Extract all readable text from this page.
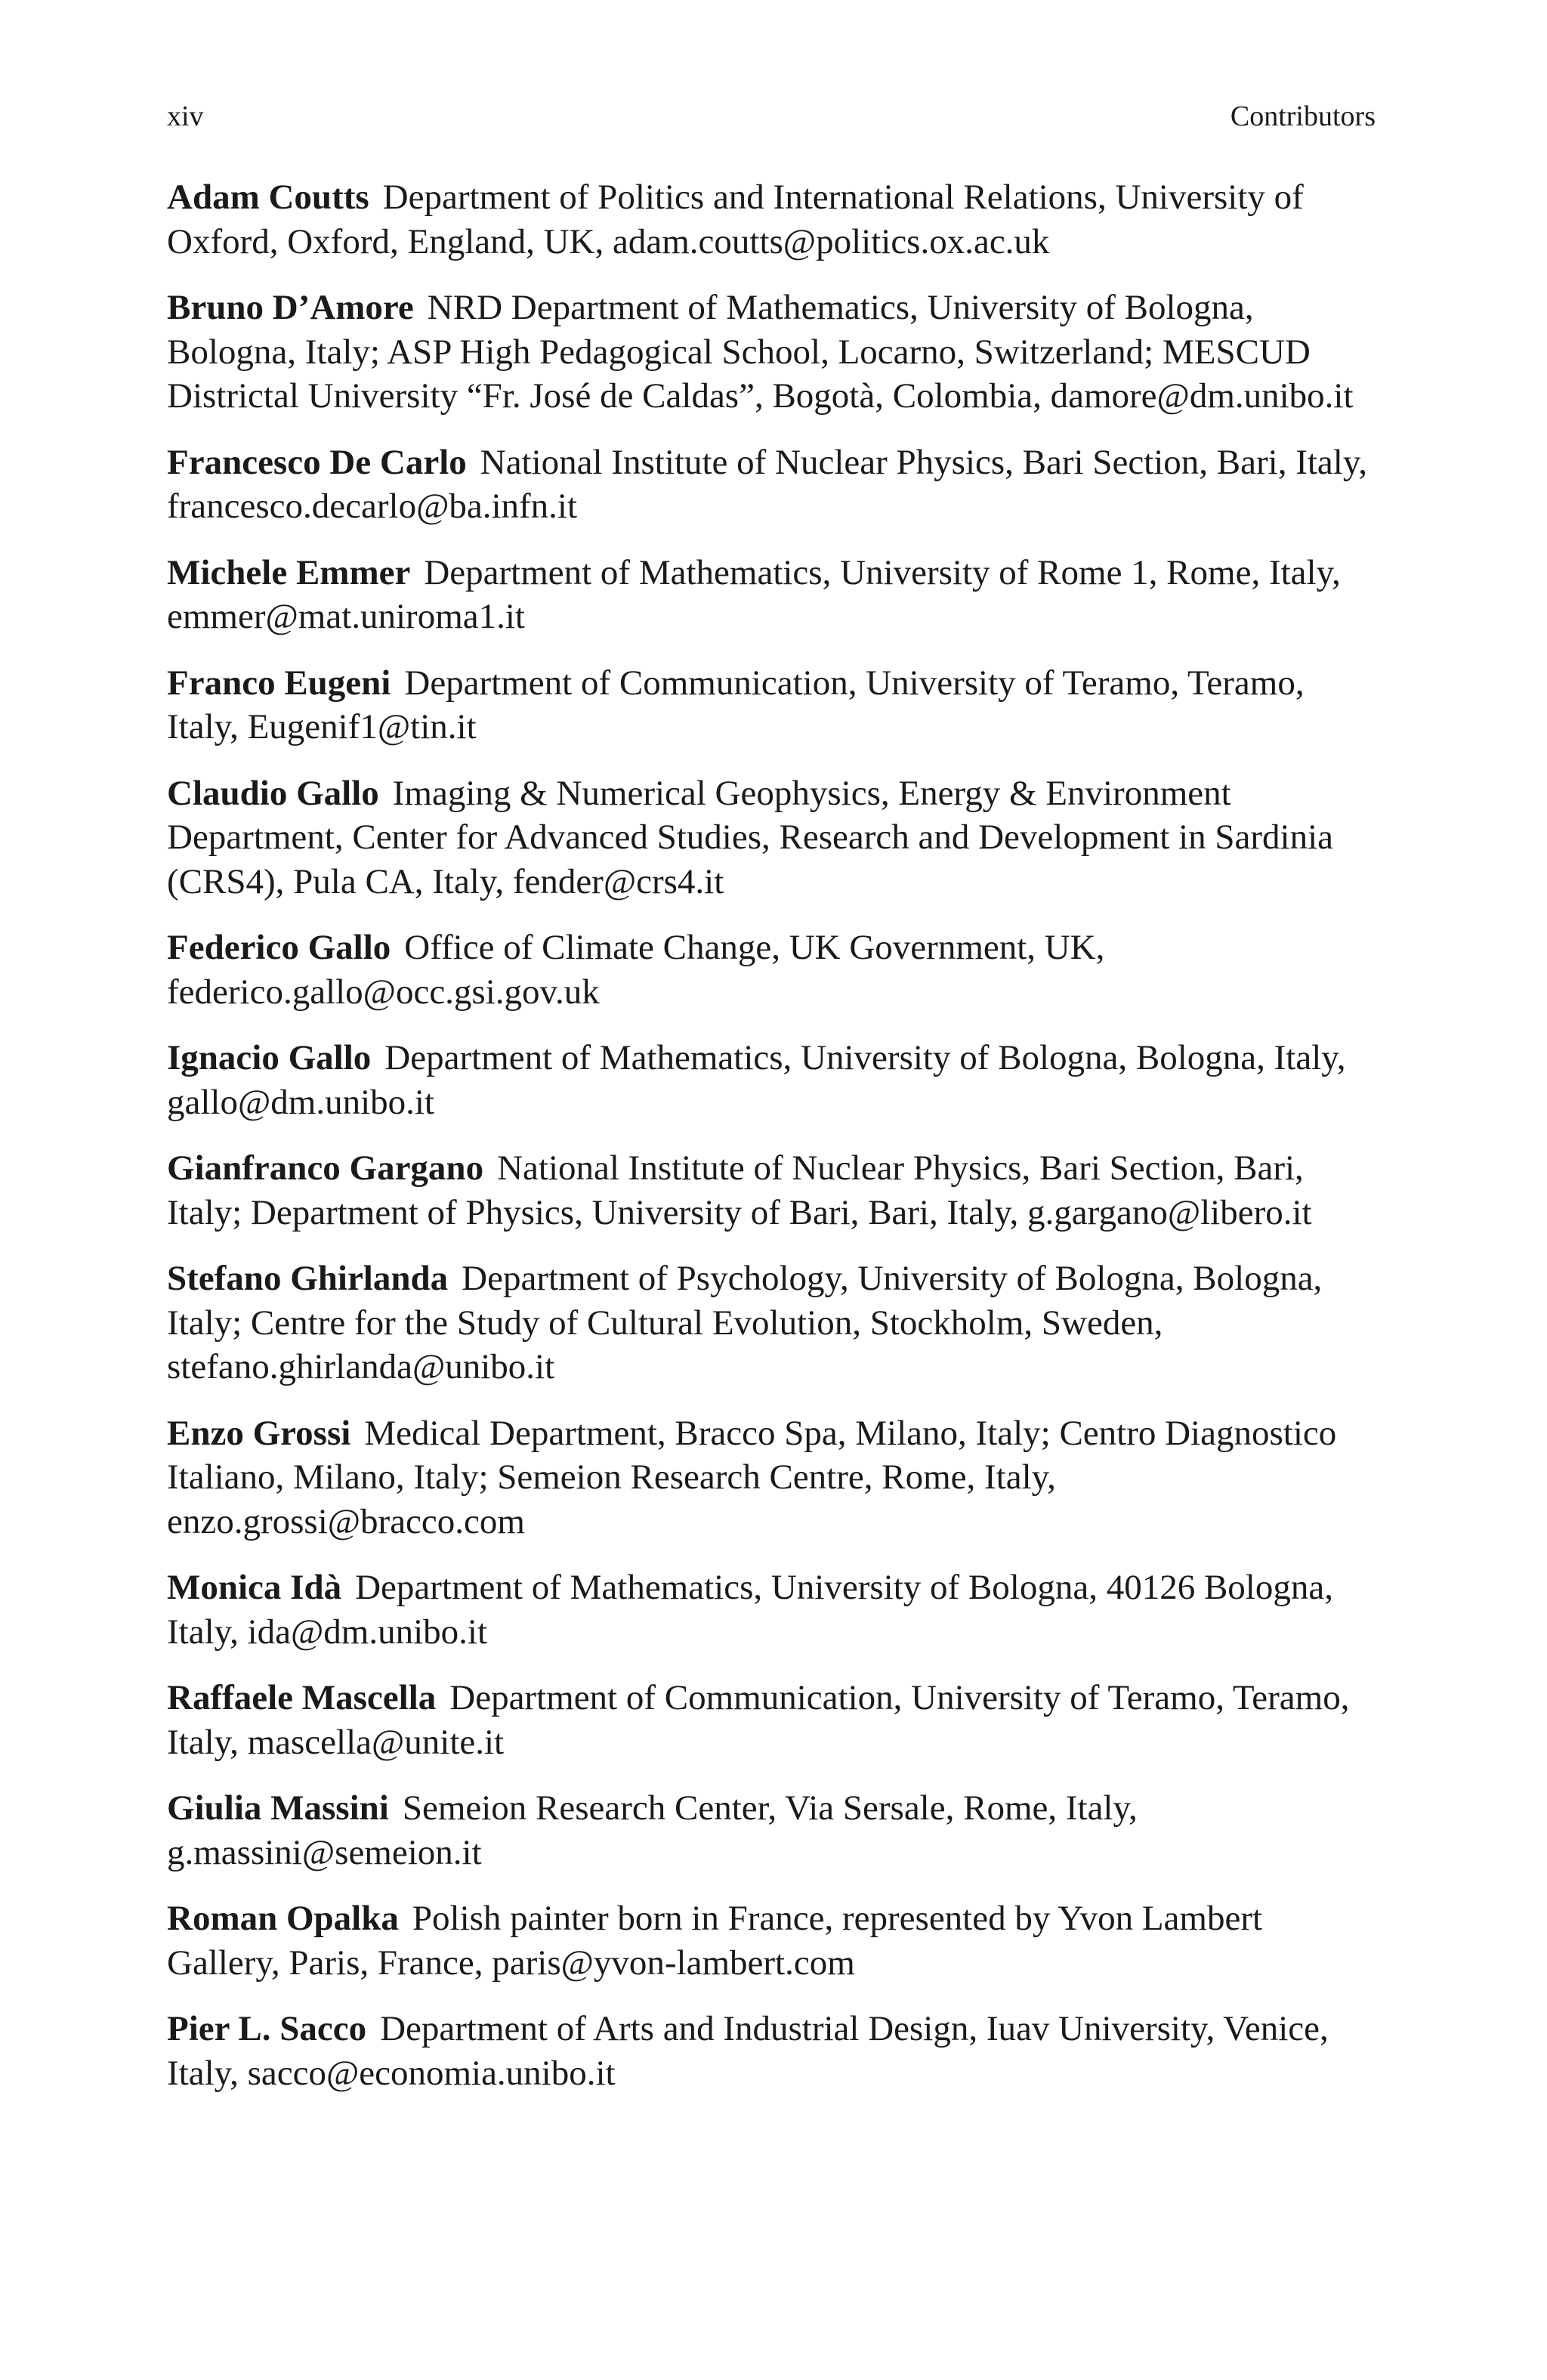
xiv	Contributors

Adam Coutts Department of Politics and International Relations, University of Oxford, Oxford, England, UK, adam.coutts@politics.ox.ac.uk

Bruno D’Amore NRD Department of Mathematics, University of Bologna, Bologna, Italy; ASP High Pedagogical School, Locarno, Switzerland; MESCUD Districtal University “Fr. José de Caldas”, Bogotà, Colombia, damore@dm.unibo.it

Francesco De Carlo National Institute of Nuclear Physics, Bari Section, Bari, Italy, francesco.decarlo@ba.infn.it

Michele Emmer Department of Mathematics, University of Rome 1, Rome, Italy, emmer@mat.uniroma1.it

Franco Eugeni Department of Communication, University of Teramo, Teramo, Italy, Eugenif1@tin.it

Claudio Gallo Imaging & Numerical Geophysics, Energy & Environment Department, Center for Advanced Studies, Research and Development in Sardinia (CRS4), Pula CA, Italy, fender@crs4.it

Federico Gallo Office of Climate Change, UK Government, UK, federico.gallo@occ.gsi.gov.uk

Ignacio Gallo Department of Mathematics, University of Bologna, Bologna, Italy, gallo@dm.unibo.it

Gianfranco Gargano National Institute of Nuclear Physics, Bari Section, Bari, Italy; Department of Physics, University of Bari, Bari, Italy, g.gargano@libero.it

Stefano Ghirlanda Department of Psychology, University of Bologna, Bologna, Italy; Centre for the Study of Cultural Evolution, Stockholm, Sweden, stefano.ghirlanda@unibo.it

Enzo Grossi Medical Department, Bracco Spa, Milano, Italy; Centro Diagnostico Italiano, Milano, Italy; Semeion Research Centre, Rome, Italy, enzo.grossi@bracco.com

Monica Idà Department of Mathematics, University of Bologna, 40126 Bologna, Italy, ida@dm.unibo.it

Raffaele Mascella Department of Communication, University of Teramo, Teramo, Italy, mascella@unite.it

Giulia Massini Semeion Research Center, Via Sersale, Rome, Italy, g.massini@semeion.it

Roman Opalka Polish painter born in France, represented by Yvon Lambert Gallery, Paris, France, paris@yvon-lambert.com

Pier L. Sacco Department of Arts and Industrial Design, Iuav University, Venice, Italy, sacco@economia.unibo.it
